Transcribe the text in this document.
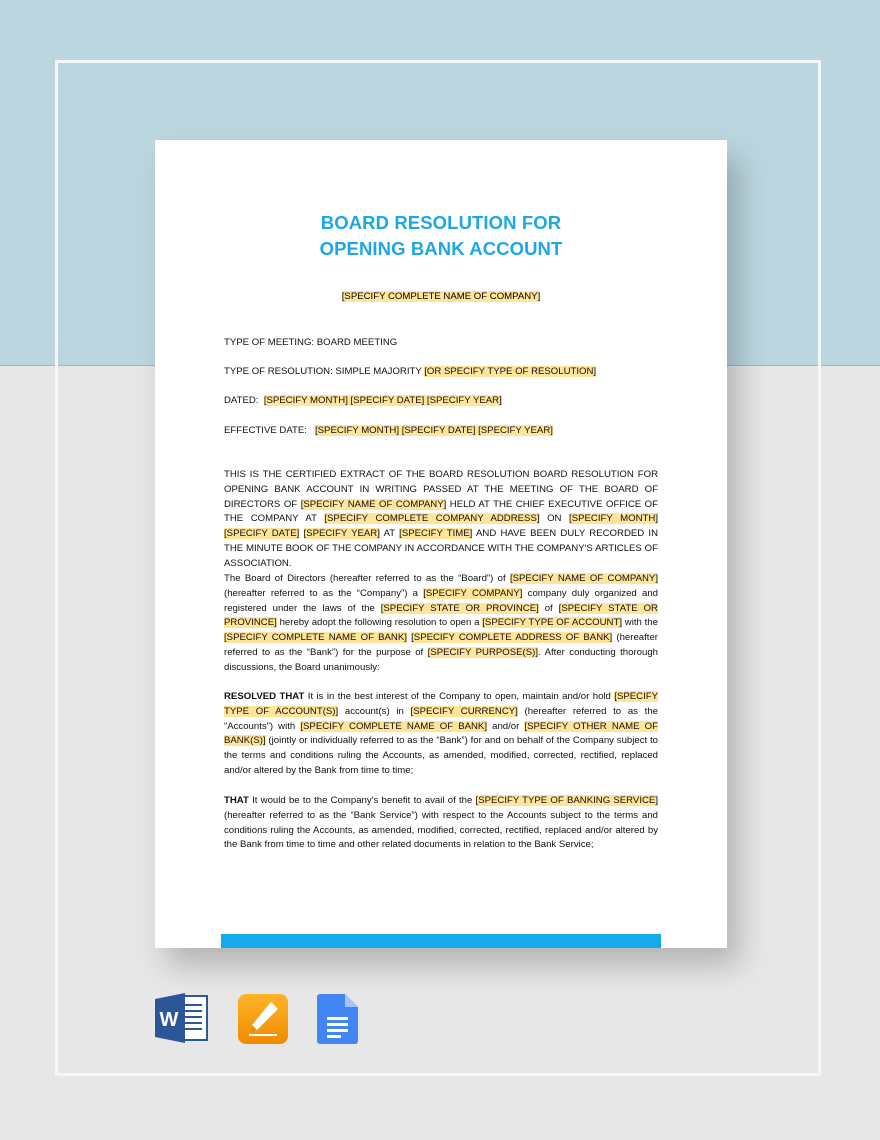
BOARD RESOLUTION FOR
OPENING BANK ACCOUNT
[SPECIFY COMPLETE NAME OF COMPANY]
TYPE OF MEETING: BOARD MEETING
TYPE OF RESOLUTION: SIMPLE MAJORITY [OR SPECIFY TYPE OF RESOLUTION]
DATED:  [SPECIFY MONTH] [SPECIFY DATE] [SPECIFY YEAR]
EFFECTIVE DATE:   [SPECIFY MONTH] [SPECIFY DATE] [SPECIFY YEAR]
THIS IS THE CERTIFIED EXTRACT OF THE BOARD RESOLUTION BOARD RESOLUTION FOR OPENING BANK ACCOUNT IN WRITING PASSED AT THE MEETING OF THE BOARD OF DIRECTORS OF [SPECIFY NAME OF COMPANY] HELD AT THE CHIEF EXECUTIVE OFFICE OF THE COMPANY AT [SPECIFY COMPLETE COMPANY ADDRESS] ON [SPECIFY MONTH] [SPECIFY DATE] [SPECIFY YEAR] AT [SPECIFY TIME] AND HAVE BEEN DULY RECORDED IN THE MINUTE BOOK OF THE COMPANY IN ACCORDANCE WITH THE COMPANY'S ARTICLES OF ASSOCIATION.
The Board of Directors (hereafter referred to as the “Board”) of [SPECIFY NAME OF COMPANY] (hereafter referred to as the “Company”) a [SPECIFY COMPANY] company duly organized and registered under the laws of the [SPECIFY STATE OR PROVINCE] of [SPECIFY STATE OR PROVINCE] hereby adopt the following resolution to open a [SPECIFY TYPE OF ACCOUNT] with the [SPECIFY COMPLETE NAME OF BANK] [SPECIFY COMPLETE ADDRESS OF BANK] (hereafter referred to as the “Bank”) for the purpose of [SPECIFY PURPOSE(S)]. After conducting thorough discussions, the Board unanimously:
RESOLVED THAT It is in the best interest of the Company to open, maintain and/or hold [SPECIFY TYPE OF ACCOUNT(S)] account(s) in [SPECIFY CURRENCY] (hereafter referred to as the “Accounts”) with [SPECIFY COMPLETE NAME OF BANK] and/or [SPECIFY OTHER NAME OF BANK(S)] (jointly or individually referred to as the “Bank”) for and on behalf of the Company subject to the terms and conditions ruling the Accounts, as amended, modified, corrected, rectified, replaced and/or altered by the Bank from time to time;
THAT It would be to the Company's benefit to avail of the [SPECIFY TYPE OF BANKING SERVICE] (hereafter referred to as the “Bank Service”) with respect to the Accounts subject to the terms and conditions ruling the Accounts, as amended, modified, corrected, rectified, replaced and/or altered by the Bank from time to time and other related documents in relation to the Bank Service;
W
